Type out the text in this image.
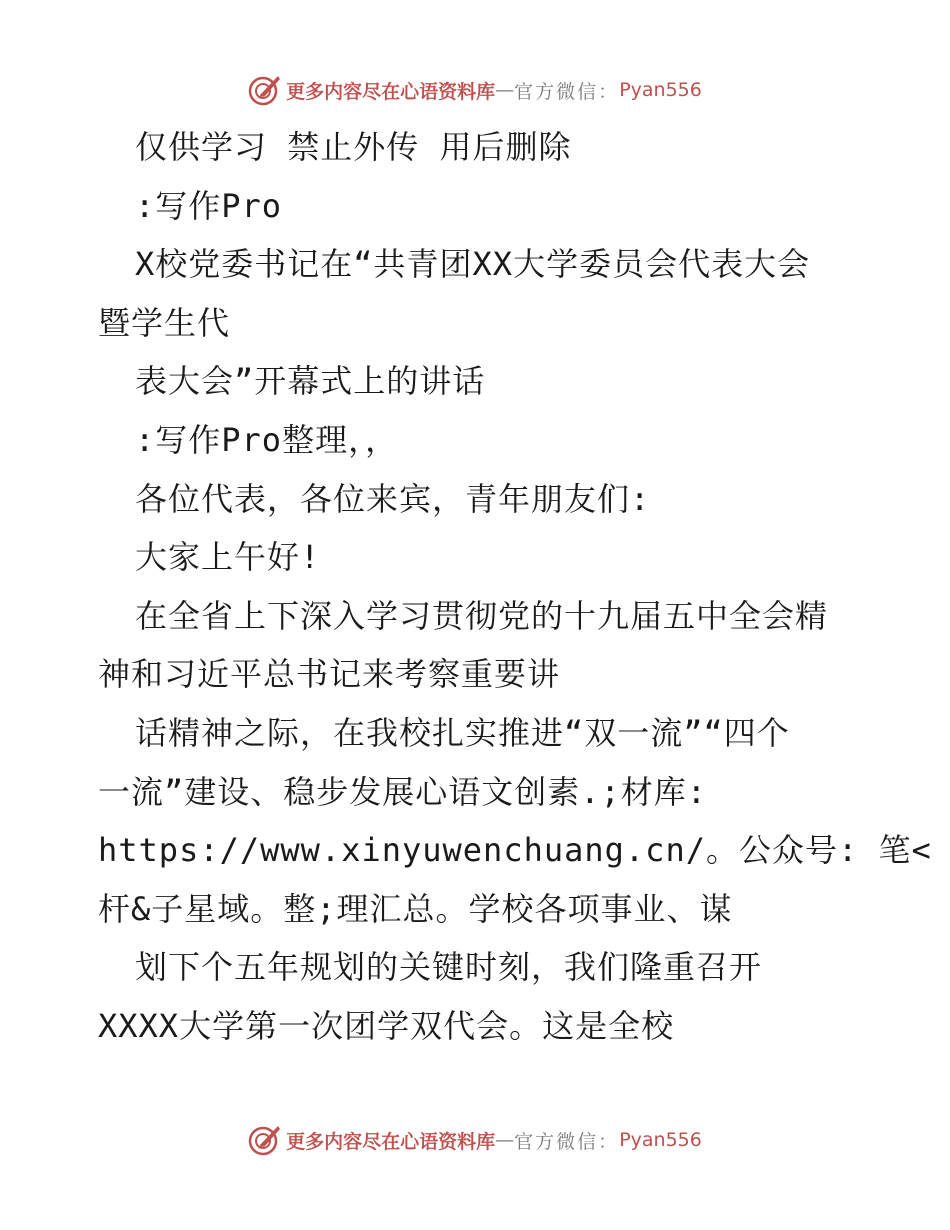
更多内容尽在心语资料库 — 官方微信： Pyan556
仅供学习 禁止外传 用后删除
:写作Pro
X校党委书记在“共青团XX大学委员会代表大会
暨学生代
表大会”开幕式上的讲话
:写作Pro整理，，
各位代表，各位来宾，青年朋友们:
大家上午好!
在全省上下深入学习贯彻党的十九届五中全会精
神和习近平总书记来考察重要讲
话精神之际，在我校扎实推进“双一流”“四个
一流”建设、稳步发展心语文创素.;材库:
https://www.xinyuwenchuang.cn/。公众号: 笔<
杆&子星域。整;理汇总。学校各项事业、谋
划下个五年规划的关键时刻，我们隆重召开
XXXX大学第一次团学双代会。这是全校
更多内容尽在心语资料库 — 官方微信： Pyan556
